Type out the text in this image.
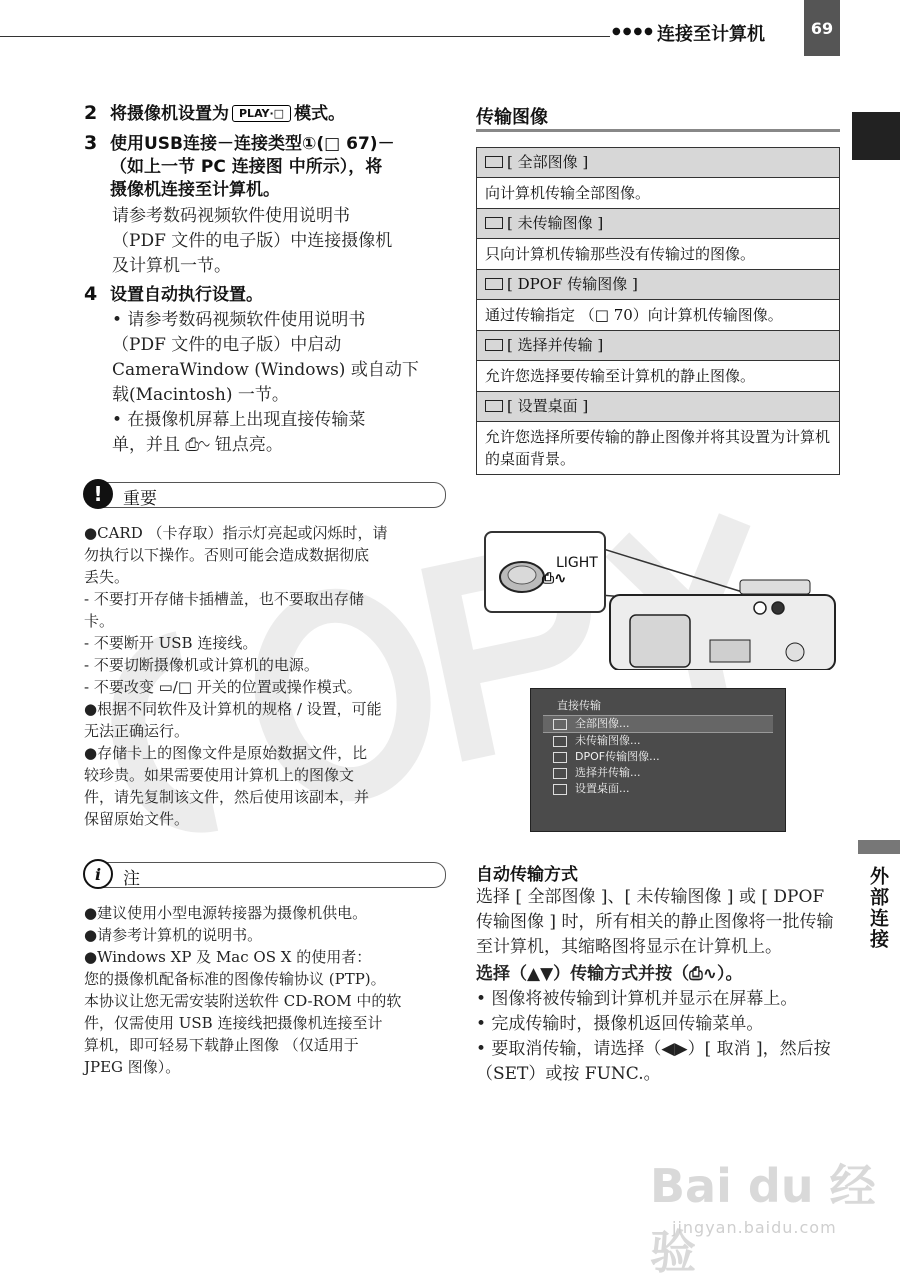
●●●● 连接至计算机	69
外部连接
2 将摄像机设置为 PLAY·□ 模式。
3 使用USB连接－连接类型①(□ 67)－
（如上一节 PC 连接图 中所示），将
摄像机连接至计算机。
请参考数码视频软件使用说明书
（PDF 文件的电子版）中连接摄像机
及计算机一节。
4 设置自动执行设置。
• 请参考数码视频软件使用说明书
（PDF 文件的电子版）中启动
CameraWindow (Windows) 或自动下
载(Macintosh) 一节。
• 在摄像机屏幕上出现直接传输菜
单，并且 ⎙∿ 钮点亮。
!	重要
●CARD （卡存取）指示灯亮起或闪烁时，请
勿执行以下操作。否则可能会造成数据彻底
丢失。
- 不要打开存储卡插槽盖，也不要取出存储
卡。
- 不要断开 USB 连接线。
- 不要切断摄像机或计算机的电源。
- 不要改变 ▭/□ 开关的位置或操作模式。
●根据不同软件及计算机的规格 / 设置，可能
无法正确运行。
●存储卡上的图像文件是原始数据文件，比
较珍贵。如果需要使用计算机上的图像文
件，请先复制该文件，然后使用该副本，并
保留原始文件。
i	注
●建议使用小型电源转接器为摄像机供电。
●请参考计算机的说明书。
●Windows XP 及 Mac OS X 的使用者：
您的摄像机配备标准的图像传输协议 (PTP)。
本协议让您无需安装附送软件 CD-ROM 中的软
件，仅需使用 USB 连接线把摄像机连接至计
算机，即可轻易下载静止图像 （仅适用于
JPEG 图像）。
传输图像
[ 全部图像 ]
向计算机传输全部图像。
[ 未传输图像 ]
只向计算机传输那些没有传输过的图像。
[ DPOF 传输图像 ]
通过传输指定 （□ 70）向计算机传输图像。
[ 选择并传输 ]
允许您选择要传输至计算机的静止图像。
[ 设置桌面 ]
允许您选择所要传输的静止图像并将其设置为计算机的桌面背景。
LIGHT
⎙∿
直接传输
全部图像...
未传输图像...
DPOF传输图像...
选择并传输...
设置桌面...
自动传输方式
选择 [ 全部图像 ]、[ 未传输图像 ] 或 [ DPOF 传输图像 ] 时，所有相关的静止图像将一批传输至计算机，其缩略图将显示在计算机上。
选择（▲▼）传输方式并按（⎙∿）。
• 图像将被传输到计算机并显示在屏幕上。
• 完成传输时，摄像机返回传输菜单。
• 要取消传输，请选择（◀▶）[ 取消 ]，然后按（SET）或按 FUNC.。
Bai du 经验
jingyan.baidu.com
